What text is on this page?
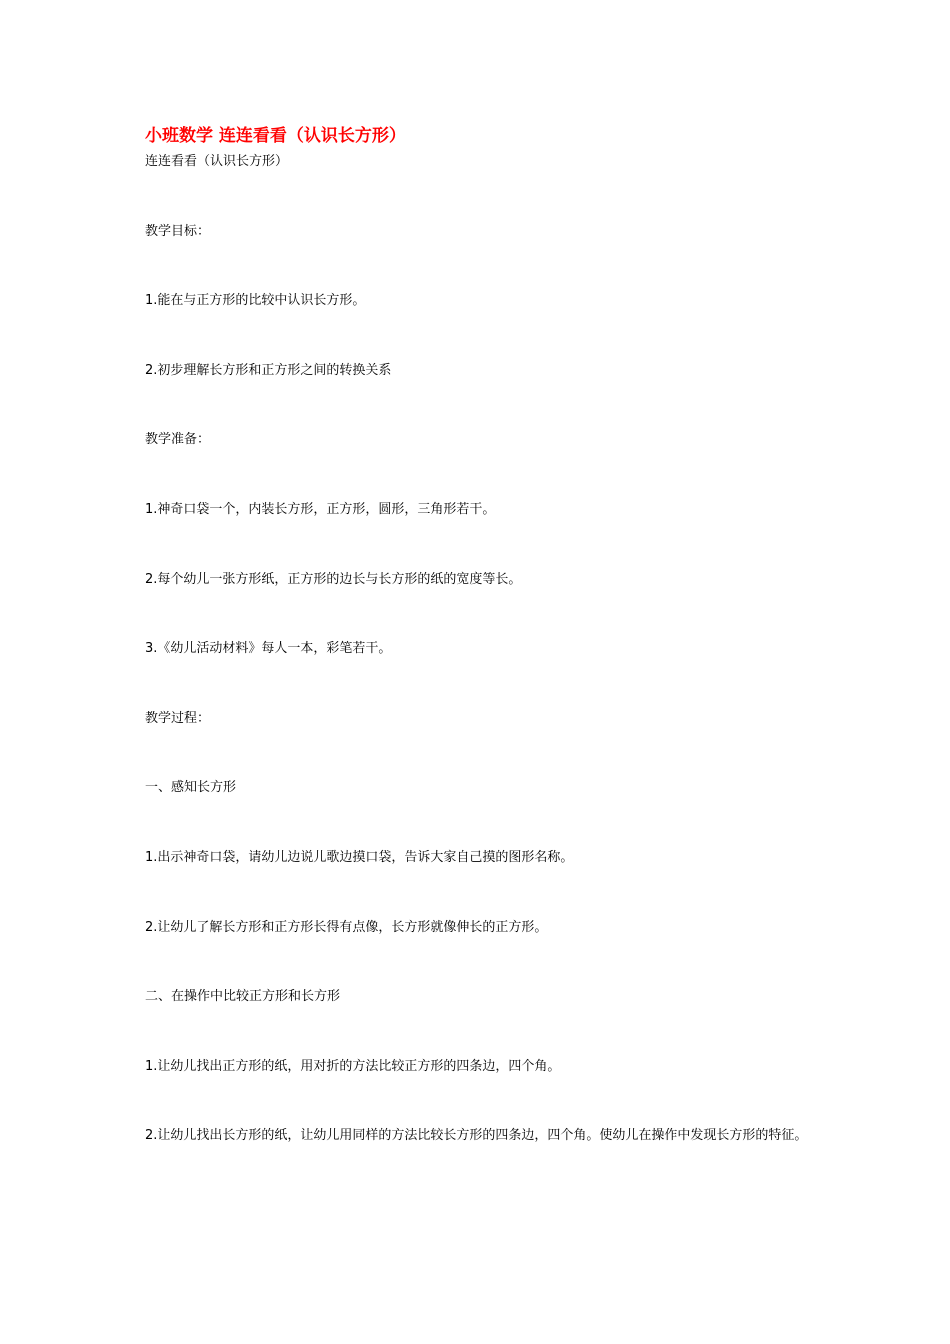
小班数学 连连看看（认识长方形）
连连看看（认识长方形）
教学目标：
1.能在与正方形的比较中认识长方形。
2.初步理解长方形和正方形之间的转换关系
教学准备：
1.神奇口袋一个，内装长方形，正方形，圆形，三角形若干。
2.每个幼儿一张方形纸，正方形的边长与长方形的纸的宽度等长。
3.《幼儿活动材料》每人一本，彩笔若干。
教学过程：
一、感知长方形
1.出示神奇口袋，请幼儿边说儿歌边摸口袋，告诉大家自己摸的图形名称。
2.让幼儿了解长方形和正方形长得有点像，长方形就像伸长的正方形。
二、在操作中比较正方形和长方形
1.让幼儿找出正方形的纸，用对折的方法比较正方形的四条边，四个角。
2.让幼儿找出长方形的纸，让幼儿用同样的方法比较长方形的四条边，四个角。使幼儿在操作中发现长方形的特征。
